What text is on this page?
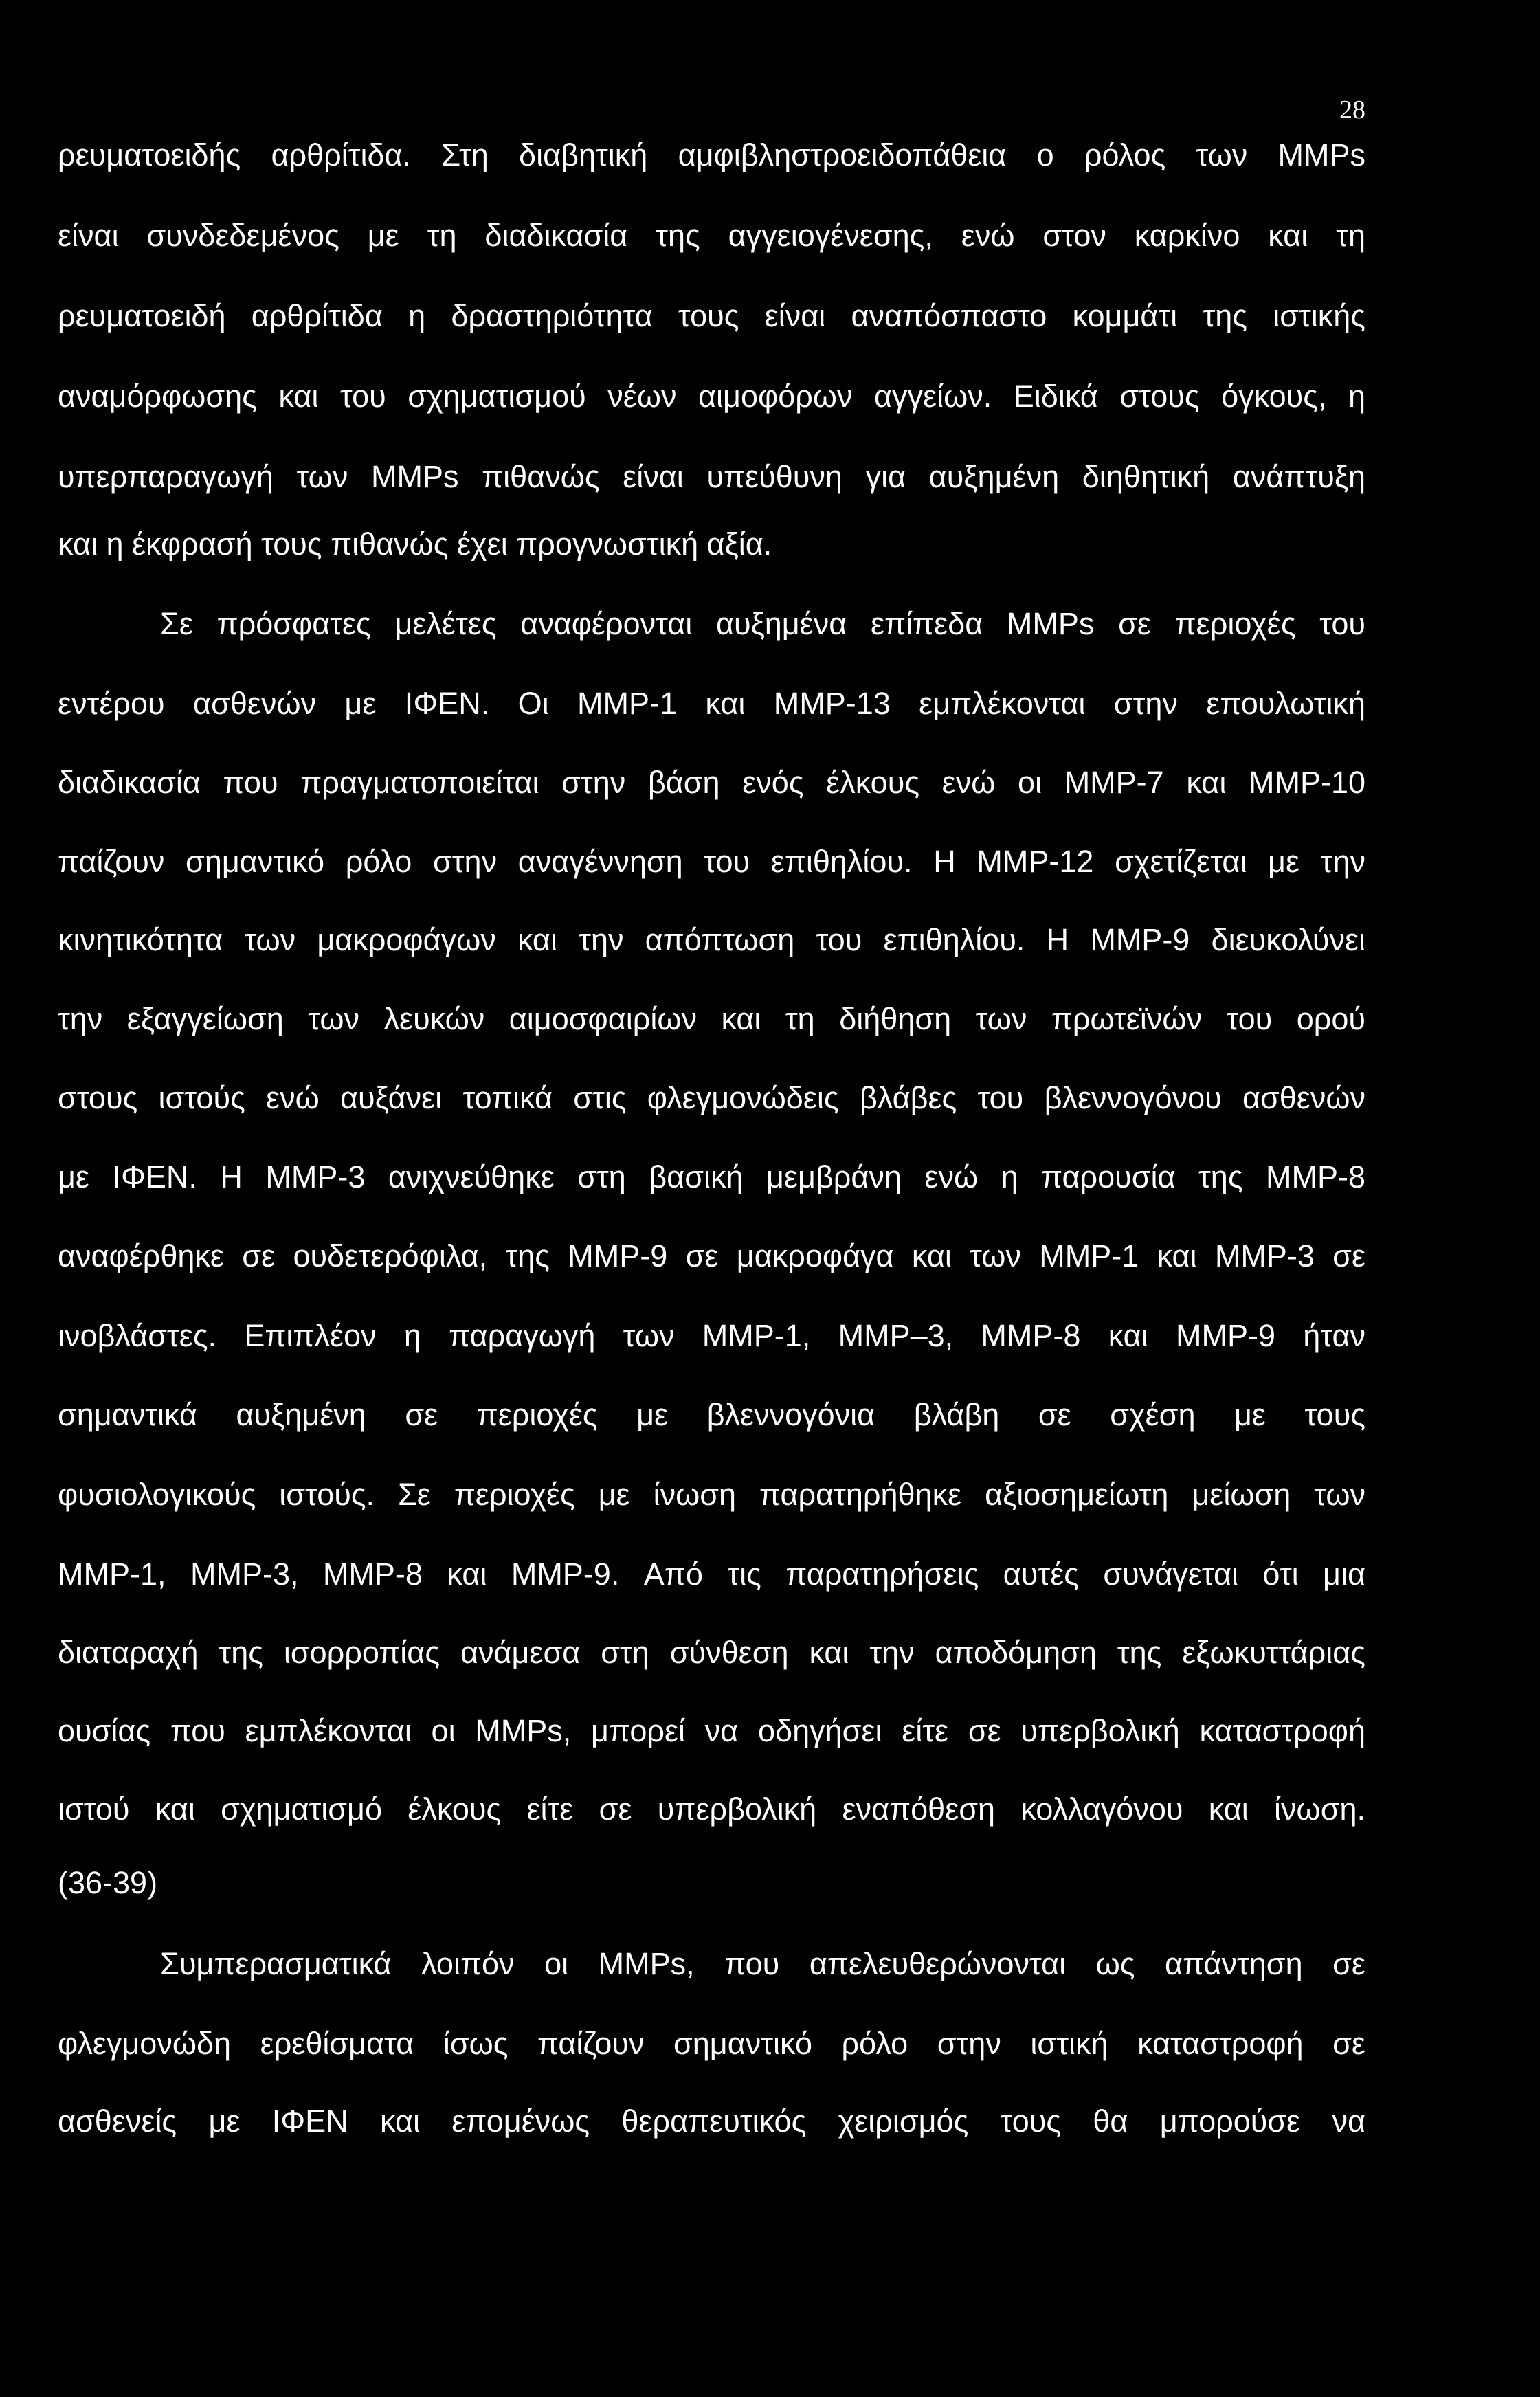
28
ρευματοειδής αρθρίτιδα. Στη διαβητική αμφιβληστροειδοπάθεια ο ρόλος των MMPs
είναι συνδεδεμένος με τη διαδικασία της αγγειογένεσης, ενώ στον καρκίνο και τη
ρευματοειδή αρθρίτιδα η δραστηριότητα τους είναι αναπόσπαστο κομμάτι της ιστικής
αναμόρφωσης και του σχηματισμού νέων αιμοφόρων αγγείων. Ειδικά στους όγκους, η
υπερπαραγωγή των MMPs πιθανώς είναι υπεύθυνη για αυξημένη διηθητική ανάπτυξη
και η έκφρασή τους πιθανώς έχει προγνωστική αξία.
Σε πρόσφατες μελέτες αναφέρονται αυξημένα επίπεδα MMPs σε περιοχές του
εντέρου ασθενών με ΙΦΕΝ. Οι MMP-1 και MMP-13 εμπλέκονται στην επουλωτική
διαδικασία που πραγματοποιείται στην βάση ενός έλκους ενώ οι MMP-7 και MMP-10
παίζουν σημαντικό ρόλο στην αναγέννηση του επιθηλίου. Η MMP-12 σχετίζεται με την
κινητικότητα των μακροφάγων και την απόπτωση του επιθηλίου. Η MMP-9 διευκολύνει
την εξαγγείωση των λευκών αιμοσφαιρίων και τη διήθηση των πρωτεϊνών του ορού
στους ιστούς ενώ αυξάνει τοπικά στις φλεγμονώδεις βλάβες του βλεννογόνου ασθενών
με ΙΦΕΝ. Η MMP-3 ανιχνεύθηκε στη βασική μεμβράνη ενώ η παρουσία της MMP-8
αναφέρθηκε σε ουδετερόφιλα, της MMP-9 σε μακροφάγα και των MMP-1 και MMP-3 σε
ινοβλάστες. Επιπλέον η παραγωγή των MMP-1, MMP–3, MMP-8 και MMP-9 ήταν
σημαντικά αυξημένη σε περιοχές με βλεννογόνια βλάβη σε σχέση με τους
φυσιολογικούς ιστούς. Σε περιοχές με ίνωση παρατηρήθηκε αξιοσημείωτη μείωση των
MMP-1, MMP-3, MMP-8 και MMP-9. Από τις παρατηρήσεις αυτές συνάγεται ότι μια
διαταραχή της ισορροπίας ανάμεσα στη σύνθεση και την αποδόμηση της εξωκυττάριας
ουσίας που εμπλέκονται οι MMPs, μπορεί να οδηγήσει είτε σε υπερβολική καταστροφή
ιστού και σχηματισμό έλκους είτε σε υπερβολική εναπόθεση κολλαγόνου και ίνωση.
(36-39)
Συμπερασματικά λοιπόν οι MMPs, που απελευθερώνονται ως απάντηση σε
φλεγμονώδη ερεθίσματα ίσως παίζουν σημαντικό ρόλο στην ιστική καταστροφή σε
ασθενείς με ΙΦΕΝ και επομένως θεραπευτικός χειρισμός τους θα μπορούσε να
